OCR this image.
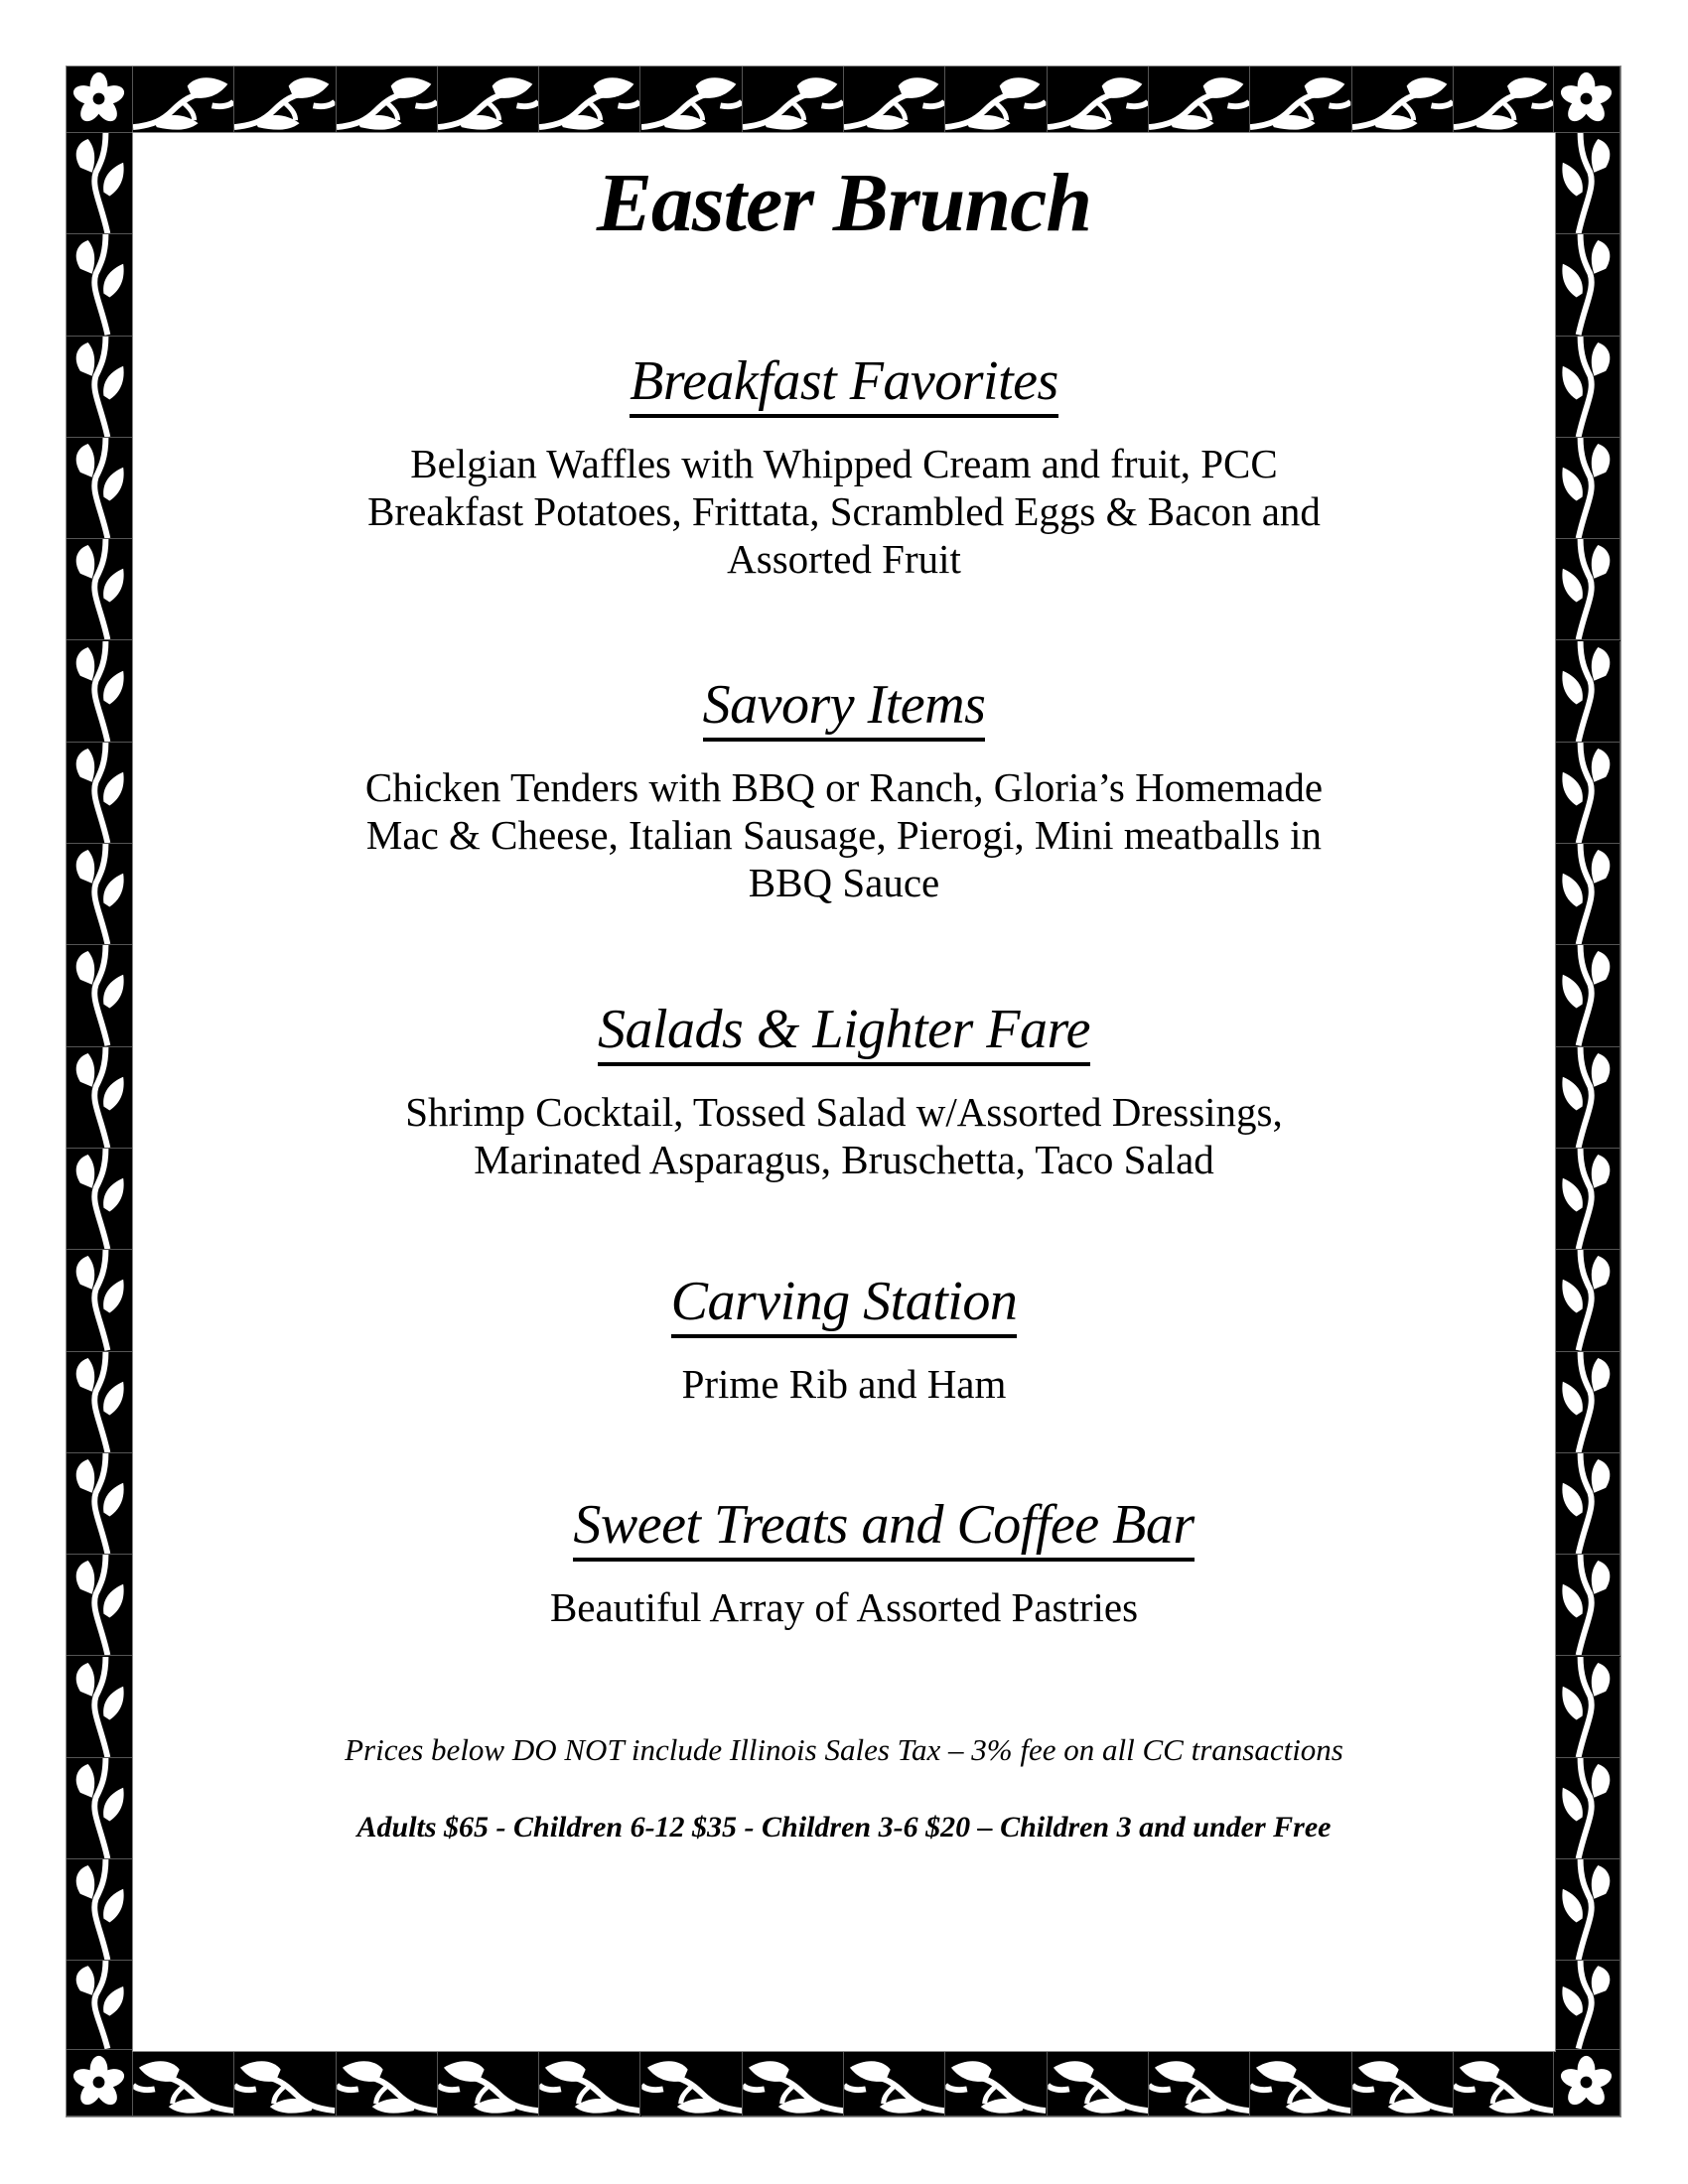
Easter Brunch
Breakfast Favorites
Belgian Waffles with Whipped Cream and fruit, PCC
Breakfast Potatoes, Frittata, Scrambled Eggs & Bacon and
Assorted Fruit
Savory Items
Chicken Tenders with BBQ or Ranch, Gloria’s Homemade
Mac & Cheese, Italian Sausage, Pierogi, Mini meatballs in
BBQ Sauce
Salads & Lighter Fare
Shrimp Cocktail, Tossed Salad w/Assorted Dressings,
Marinated Asparagus, Bruschetta, Taco Salad
Carving Station
Prime Rib and Ham
Sweet Treats and Coffee Bar
Beautiful Array of Assorted Pastries
Prices below DO NOT include Illinois Sales Tax – 3% fee on all CC transactions
Adults $65 - Children 6-12 $35 - Children 3-6 $20 – Children 3 and under Free
